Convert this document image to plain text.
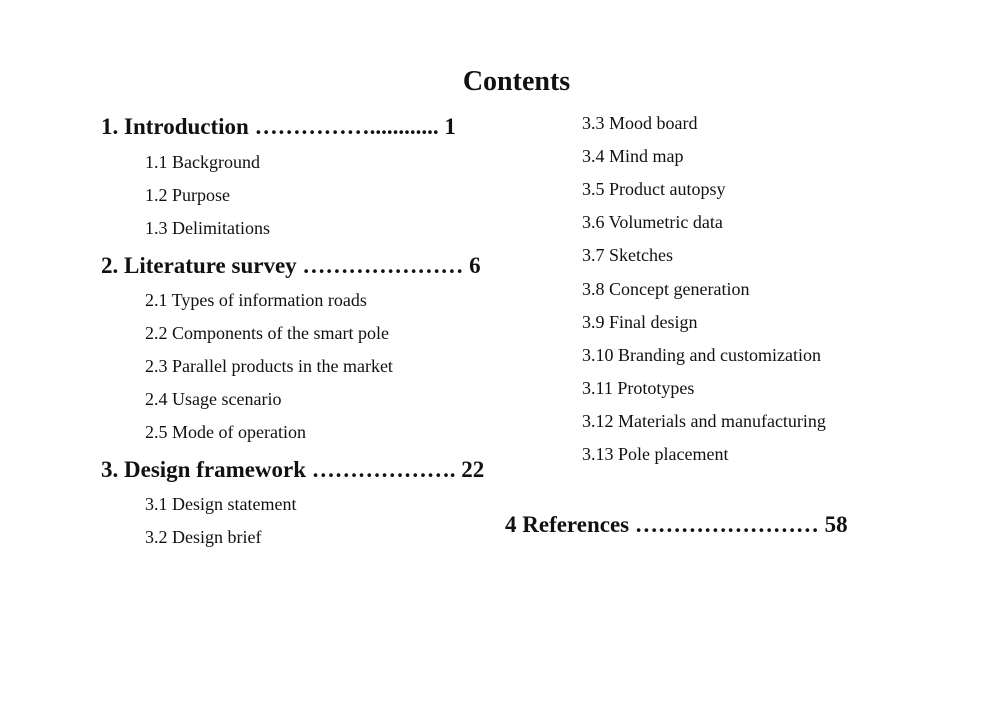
Contents
1. Introduction ……………............ 1
1.1 Background
1.2 Purpose
1.3 Delimitations
2. Literature survey ………………… 6
2.1 Types of information roads
2.2 Components of the smart pole
2.3 Parallel products in the market
2.4 Usage scenario
2.5 Mode of operation
3. Design framework ………………. 22
3.1 Design statement
3.2 Design brief
3.3 Mood board
3.4 Mind map
3.5 Product autopsy
3.6 Volumetric data
3.7 Sketches
3.8 Concept generation
3.9 Final design
3.10 Branding and customization
3.11 Prototypes
3.12 Materials and manufacturing
3.13 Pole placement
4 References …………………… 58
